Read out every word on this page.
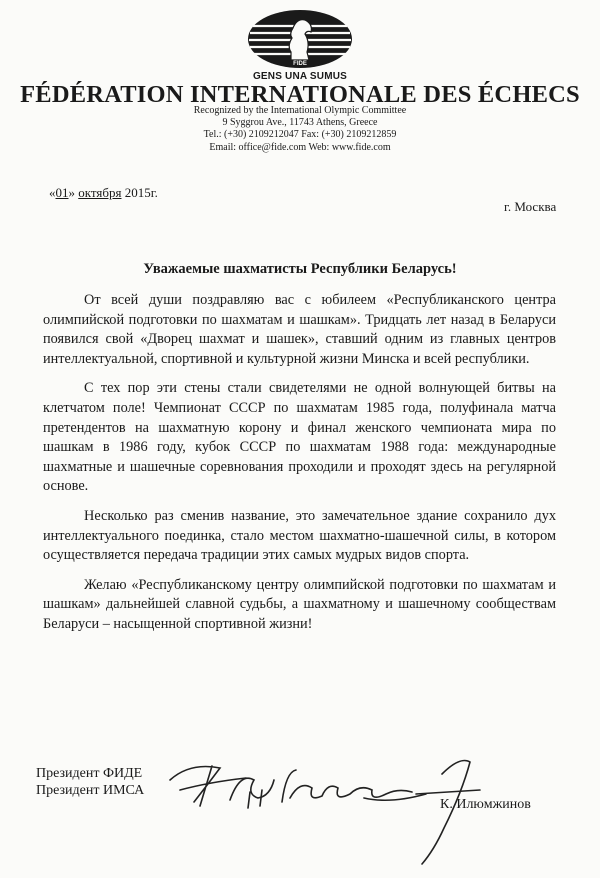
FIDE
GENS UNA SUMUS
FÉDÉRATION INTERNATIONALE DES ÉCHECS
Recognized by the International Olympic Committee
9 Syggrou Ave., 11743 Athens, Greece
Tel.: (+30) 2109212047 Fax: (+30) 2109212859
Email: office@fide.com Web: www.fide.com
«01» октября 2015г.
г. Москва
Уважаемые шахматисты Республики Беларусь!

От всей души поздравляю вас с юбилеем «Республиканского центра олимпийской подготовки по шахматам и шашкам». Тридцать лет назад в Беларуси появился свой «Дворец шахмат и шашек», ставший одним из главных центров интеллектуальной, спортивной и культурной жизни Минска и всей республики.

С тех пор эти стены стали свидетелями не одной волнующей битвы на клетчатом поле! Чемпионат СССР по шахматам 1985 года, полуфинала матча претендентов на шахматную корону и финал женского чемпионата мира по шашкам в 1986 году, кубок СССР по шахматам 1988 года: международные шахматные и шашечные соревнования проходили и проходят здесь на регулярной основе.

Несколько раз сменив название, это замечательное здание сохранило дух интеллектуального поединка, стало местом шахматно-шашечной силы, в котором осуществляется передача традиции этих самых мудрых видов спорта.

Желаю «Республиканскому центру олимпийской подготовки по шахматам и шашкам» дальнейшей славной судьбы, а шахматному и шашечному сообществам Беларуси – насыщенной спортивной жизни!

Президент ФИДЕ
Президент ИМСА
К. Илюмжинов
